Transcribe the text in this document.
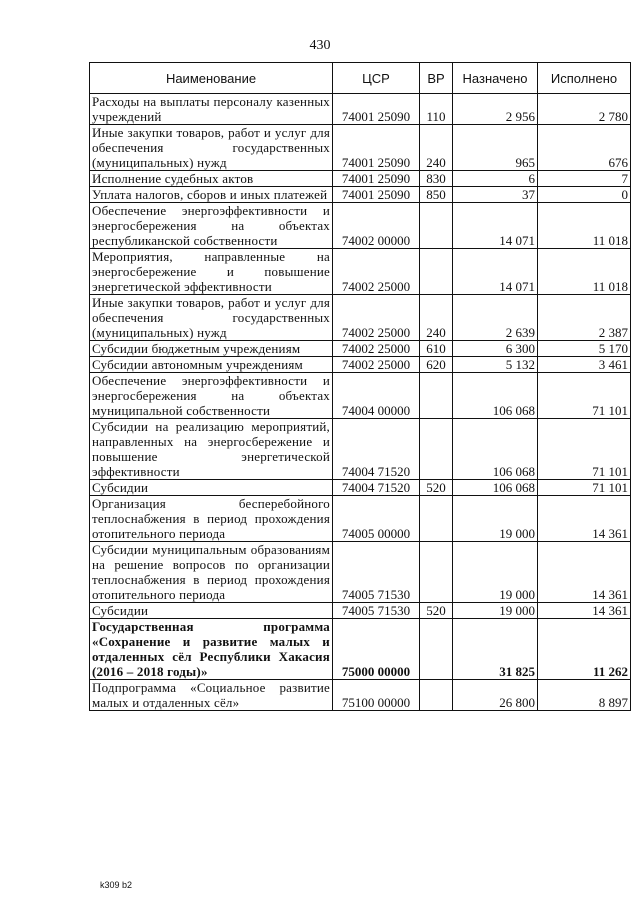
430
Наименование	ЦСР	ВР	Назначено	Исполнено
Расходы на выплаты персоналу казенных учреждений	74001 25090	110	2 956	2 780
Иные закупки товаров, работ и услуг для обеспечения государственных (муниципальных) нужд	74001 25090	240	965	676
Исполнение судебных актов	74001 25090	830	6	7
Уплата налогов, сборов и иных платежей	74001 25090	850	37	0
Обеспечение энергоэффективности и энергосбережения на объектах республиканской собственности	74002 00000		14 071	11 018
Мероприятия, направленные на энергосбережение и повышение энергетической эффективности	74002 25000		14 071	11 018
Иные закупки товаров, работ и услуг для обеспечения государственных (муниципальных) нужд	74002 25000	240	2 639	2 387
Субсидии бюджетным учреждениям	74002 25000	610	6 300	5 170
Субсидии автономным учреждениям	74002 25000	620	5 132	3 461
Обеспечение энергоэффективности и энергосбережения на объектах муниципальной собственности	74004 00000		106 068	71 101
Субсидии на реализацию мероприятий, направленных на энергосбережение и повышение энергетической эффективности	74004 71520		106 068	71 101
Субсидии	74004 71520	520	106 068	71 101
Организация бесперебойного теплоснабжения в период прохождения отопительного периода	74005 00000		19 000	14 361
Субсидии муниципальным образованиям на решение вопросов по организации теплоснабжения в период прохождения отопительного периода	74005 71530		19 000	14 361
Субсидии	74005 71530	520	19 000	14 361
Государственная программа «Сохранение и развитие малых и отдаленных сёл Республики Хакасия (2016 – 2018 годы)»	75000 00000		31 825	11 262
Подпрограмма «Социальное развитие малых и отдаленных сёл»	75100 00000		26 800	8 897
k309 b2
